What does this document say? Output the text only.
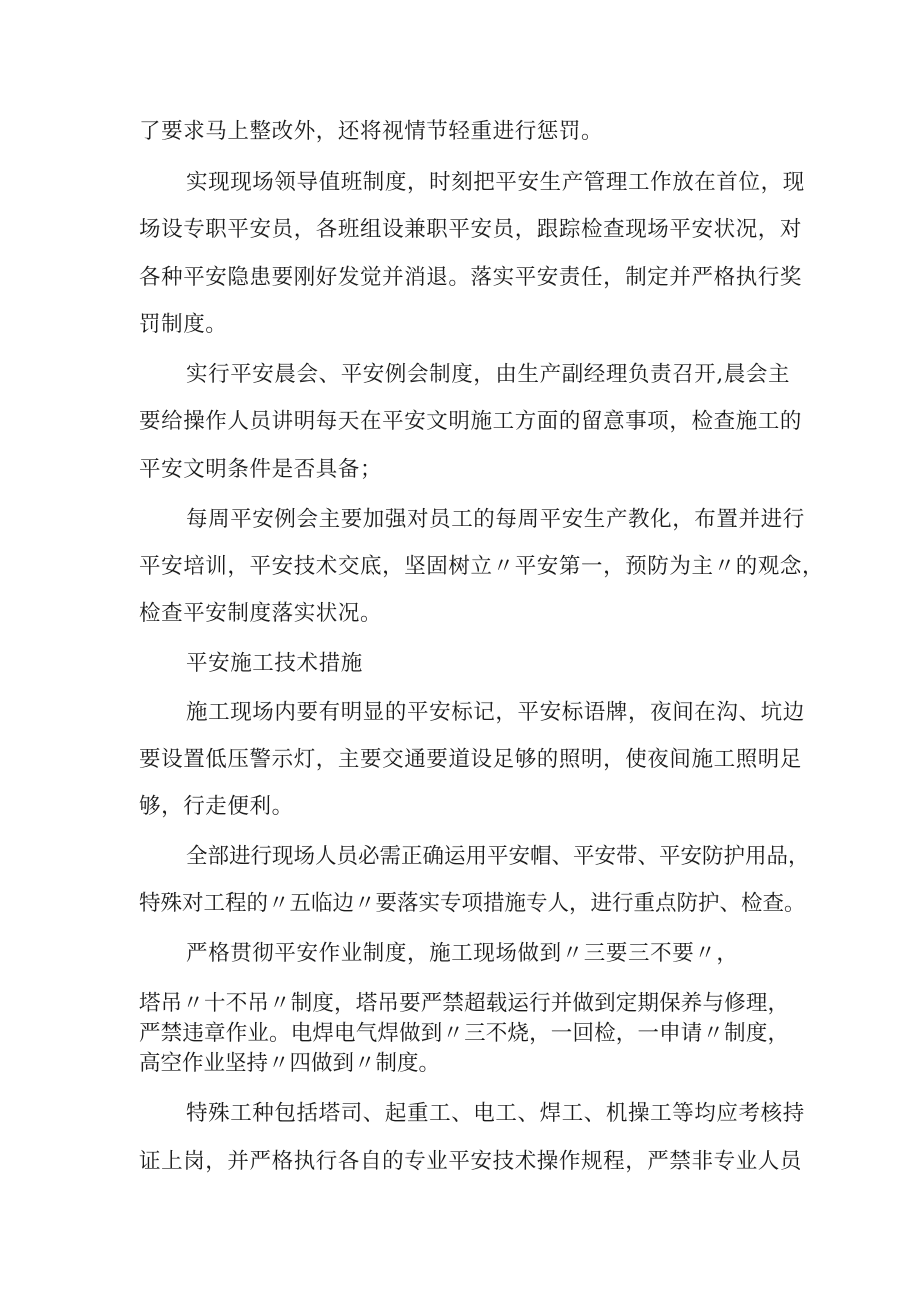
了要求马上整改外，还将视情节轻重进行惩罚。
实现现场领导值班制度，时刻把平安生产管理工作放在首位，现
场设专职平安员，各班组设兼职平安员，跟踪检查现场平安状况，对
各种平安隐患要刚好发觉并消退。落实平安责任，制定并严格执行奖
罚制度。
实行平安晨会、平安例会制度，由生产副经理负责召开,晨会主
要给操作人员讲明每天在平安文明施工方面的留意事项，检查施工的
平安文明条件是否具备；
每周平安例会主要加强对员工的每周平安生产教化，布置并进行
平安培训，平安技术交底，坚固树立〃平安第一，预防为主〃的观念，
检查平安制度落实状况。
平安施工技术措施
施工现场内要有明显的平安标记，平安标语牌，夜间在沟、坑边
要设置低压警示灯，主要交通要道设足够的照明，使夜间施工照明足
够，行走便利。
全部进行现场人员必需正确运用平安帽、平安带、平安防护用品，
特殊对工程的〃五临边〃要落实专项措施专人，进行重点防护、检查。
严格贯彻平安作业制度，施工现场做到〃三要三不要〃，
塔吊〃十不吊〃制度，塔吊要严禁超载运行并做到定期保养与修理，
严禁违章作业。电焊电气焊做到〃三不烧，一回检，一申请〃制度，
高空作业坚持〃四做到〃制度。
特殊工种包括塔司、起重工、电工、焊工、机操工等均应考核持
证上岗，并严格执行各自的专业平安技术操作规程，严禁非专业人员
